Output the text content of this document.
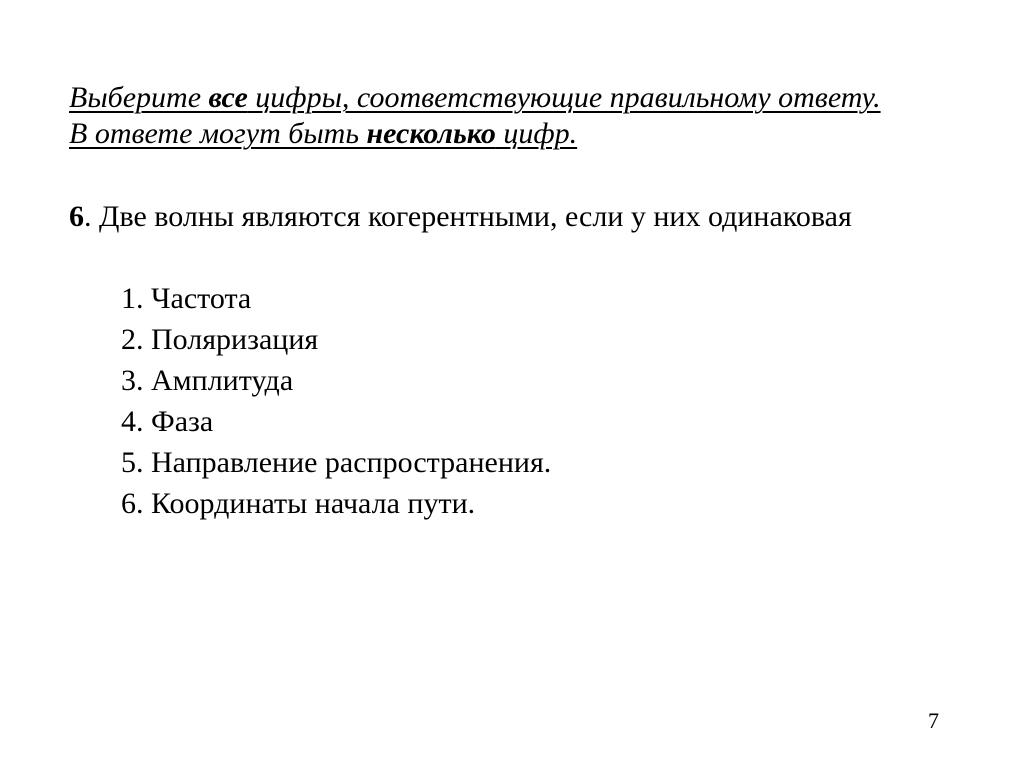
Выберите все цифры, соответствующие правильному ответу.
В ответе могут быть несколько цифр.
6. Две волны являются когерентными, если у них одинаковая
1. Частота
2. Поляризация
3. Амплитуда
4. Фаза
5. Направление распространения.
6. Координаты начала пути.
7
